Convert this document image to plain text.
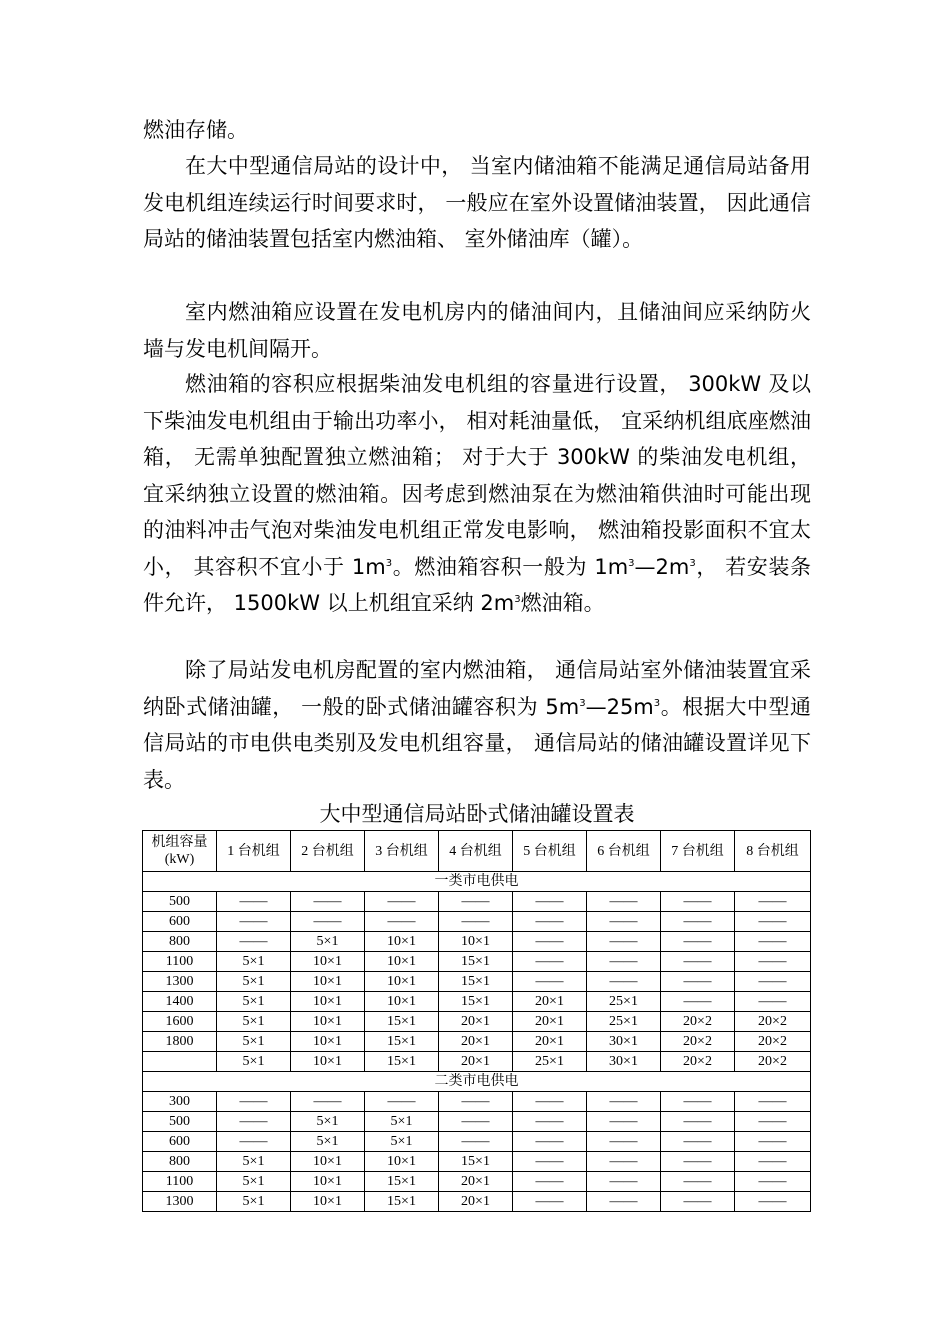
燃油存储。

在大中型通信局站的设计中， 当室内储油箱不能满足通信局站备用发电机组连续运行时间要求时， 一般应在室外设置储油装置， 因此通信局站的储油装置包括室内燃油箱、 室外储油库（罐）。

室内燃油箱应设置在发电机房内的储油间内，且储油间应采纳防火墙与发电机间隔开。

燃油箱的容积应根据柴油发电机组的容量进行设置， 300kW 及以下柴油发电机组由于输出功率小， 相对耗油量低， 宜采纳机组底座燃油箱， 无需单独配置独立燃油箱； 对于大于 300kW 的柴油发电机组， 宜采纳独立设置的燃油箱。因考虑到燃油泵在为燃油箱供油时可能出现的油料冲击气泡对柴油发电机组正常发电影响， 燃油箱投影面积不宜太小， 其容积不宜小于 $1m^3$。燃油箱容积一般为 $1m^3—2m^3$， 若安装条件允许， 1500kW 以上机组宜采纳 $2m^3$燃油箱。

除了局站发电机房配置的室内燃油箱， 通信局站室外储油装置宜采纳卧式储油罐， 一般的卧式储油罐容积为 $5m^3—25m^3$。根据大中型通信局站的市电供电类别及发电机组容量， 通信局站的储油罐设置详见下表。

大中型通信局站卧式储油罐设置表

机组容量(kW)	1 台机组	2 台机组	3 台机组	4 台机组	5 台机组	6 台机组	7 台机组	8 台机组
一类市电供电								
500	——	——	——	——	——	——	——	——
600	——	——	——	——	——	——	——	——
800	——	5×1	10×1	10×1	——	——	——	——
1100	5×1	10×1	10×1	15×1	——	——	——	——
1300	5×1	10×1	10×1	15×1	——	——	——	——
1400	5×1	10×1	10×1	15×1	20×1	25×1	——	——
1600	5×1	10×1	15×1	20×1	20×1	25×1	20×2	20×2
1800	5×1	10×1	15×1	20×1	20×1	30×1	20×2	20×2
	5×1	10×1	15×1	20×1	25×1	30×1	20×2	20×2
二类市电供电								
300	——	——	——	——	——	——	——	——
500	——	5×1	5×1	——	——	——	——	——
600	——	5×1	5×1	——	——	——	——	——
800	5×1	10×1	10×1	15×1	——	——	——	——
1100	5×1	10×1	15×1	20×1	——	——	——	——
1300	5×1	10×1	15×1	20×1	——	——	——	——
